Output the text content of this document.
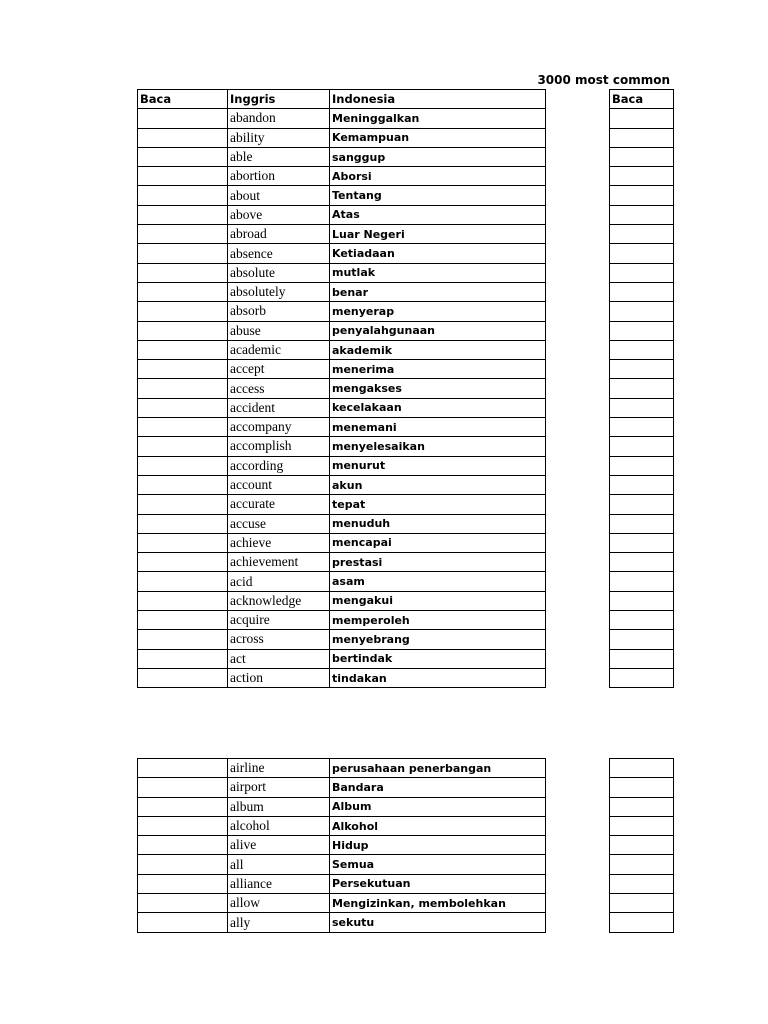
3000 most common
Baca	Inggris	Indonesia
	abandon	Meninggalkan
	ability	Kemampuan
	able	sanggup
	abortion	Aborsi
	about	Tentang
	above	Atas
	abroad	Luar Negeri
	absence	Ketiadaan
	absolute	mutlak
	absolutely	benar
	absorb	menyerap
	abuse	penyalahgunaan
	academic	akademik
	accept	menerima
	access	mengakses
	accident	kecelakaan
	accompany	menemani
	accomplish	menyelesaikan
	according	menurut
	account	akun
	accurate	tepat
	accuse	menuduh
	achieve	mencapai
	achievement	prestasi
	acid	asam
	acknowledge	mengakui
	acquire	memperoleh
	across	menyebrang
	act	bertindak
	action	tindakan
Baca

	airline	perusahaan penerbangan
	airport	Bandara
	album	Album
	alcohol	Alkohol
	alive	Hidup
	all	Semua
	alliance	Persekutuan
	allow	Mengizinkan, membolehkan
	ally	sekutu
